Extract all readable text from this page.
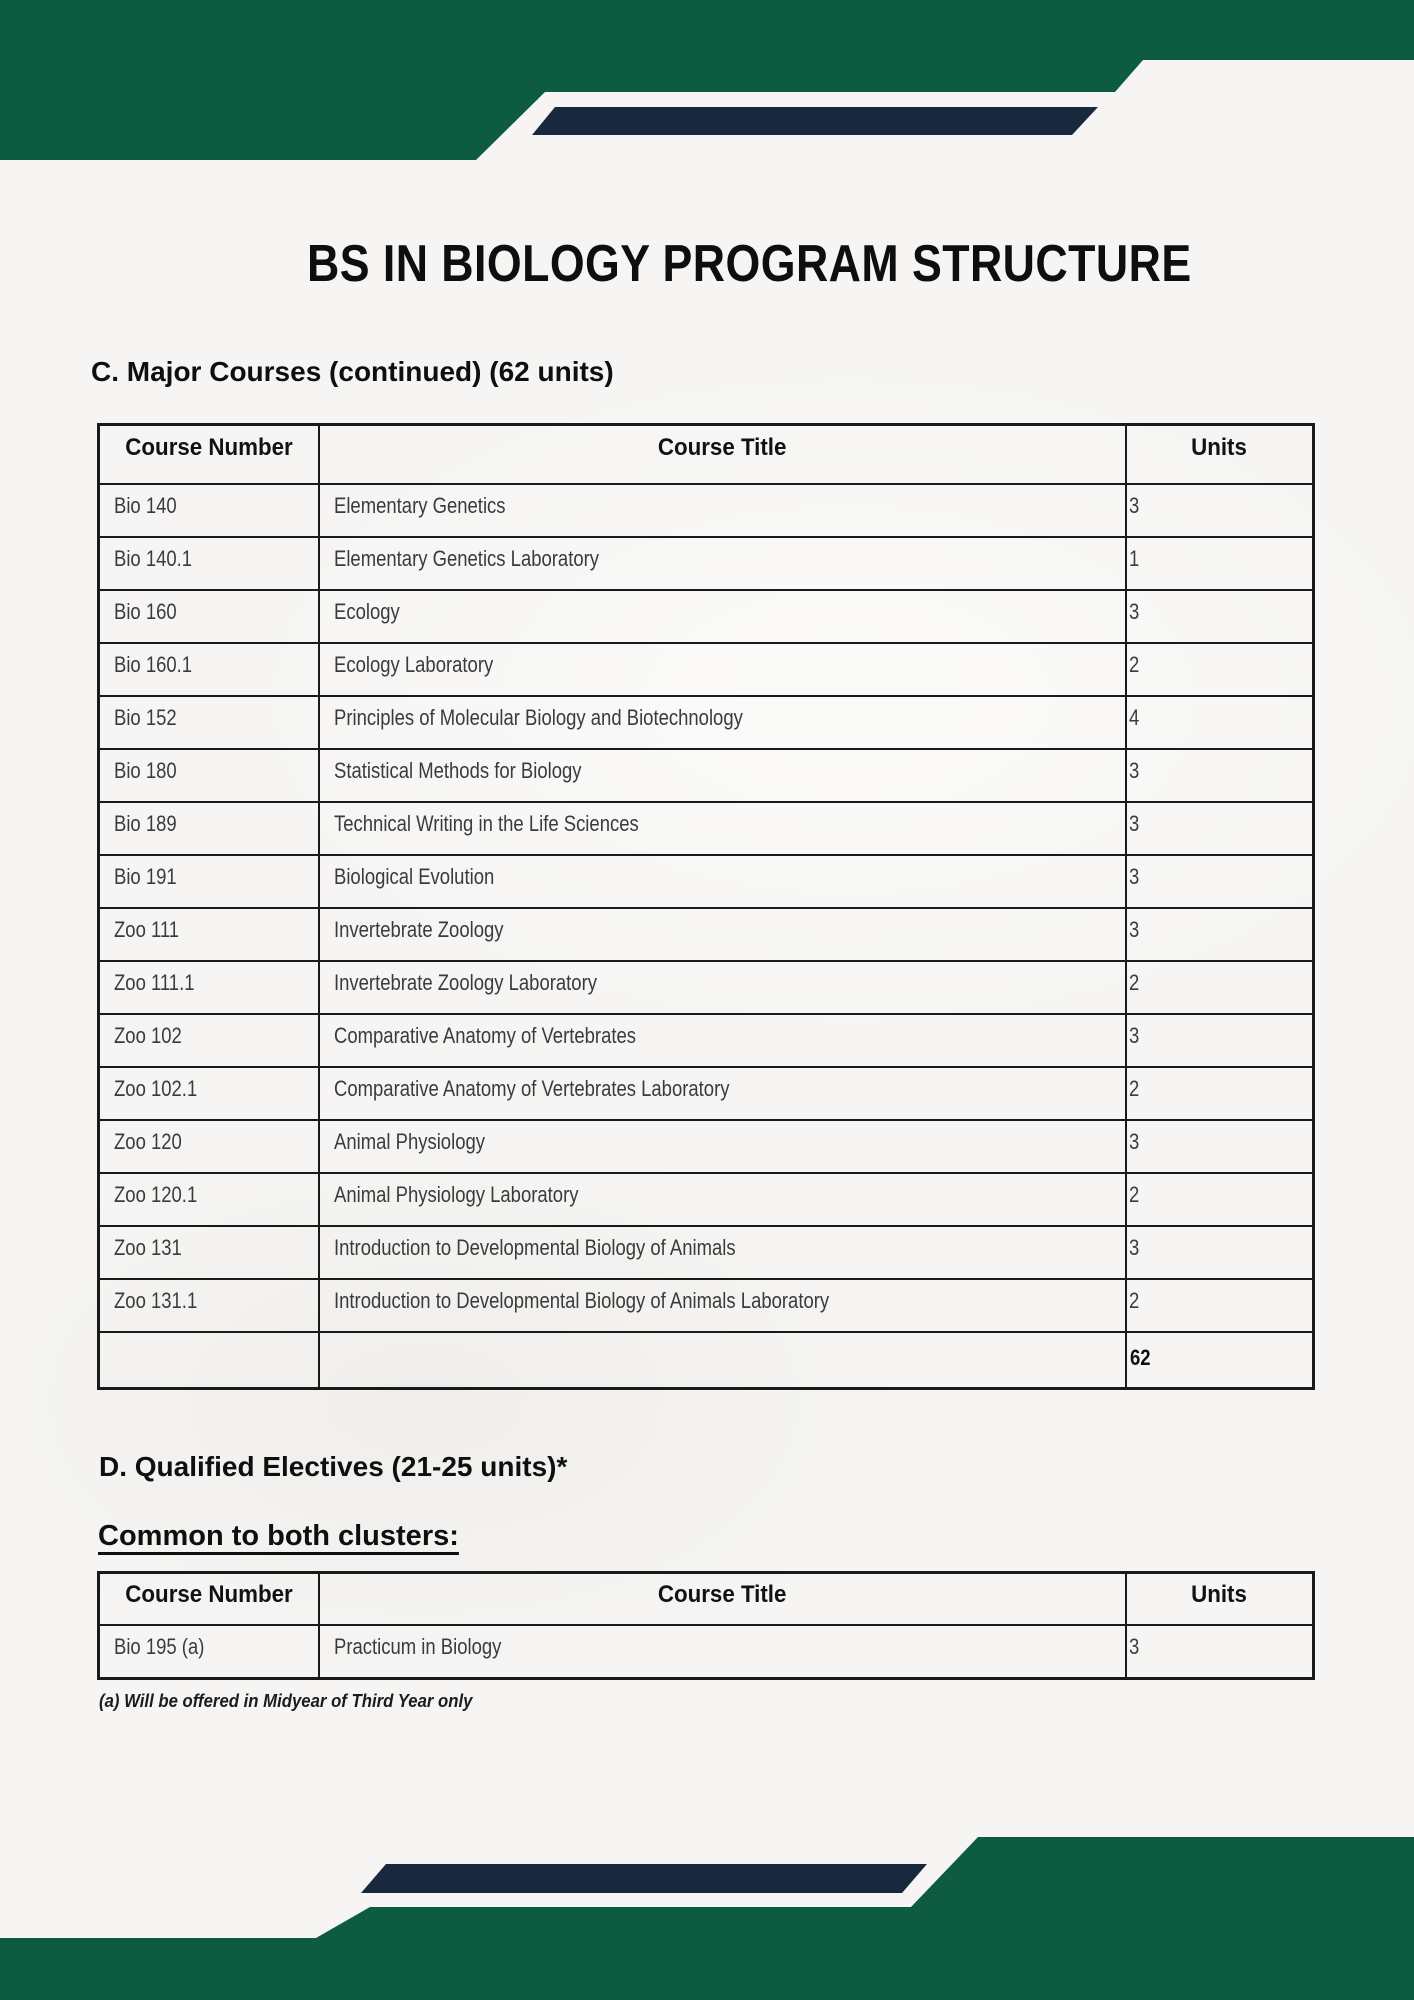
BS IN BIOLOGY PROGRAM STRUCTURE
C. Major Courses (continued) (62 units)
Course Number	Course Title	Units
Bio 140	Elementary Genetics	3
Bio 140.1	Elementary Genetics Laboratory	1
Bio 160	Ecology	3
Bio 160.1	Ecology Laboratory	2
Bio 152	Principles of Molecular Biology and Biotechnology	4
Bio 180	Statistical Methods for Biology	3
Bio 189	Technical Writing in the Life Sciences	3
Bio 191	Biological Evolution	3
Zoo 111	Invertebrate Zoology	3
Zoo 111.1	Invertebrate Zoology Laboratory	2
Zoo 102	Comparative Anatomy of Vertebrates	3
Zoo 102.1	Comparative Anatomy of Vertebrates Laboratory	2
Zoo 120	Animal Physiology	3
Zoo 120.1	Animal Physiology Laboratory	2
Zoo 131	Introduction to Developmental Biology of Animals	3
Zoo 131.1	Introduction to Developmental Biology of Animals Laboratory	2
		62
D. Qualified Electives (21-25 units)*
Common to both clusters:
Course Number	Course Title	Units
Bio 195 (a)	Practicum in Biology	3

(a) Will be offered in Midyear of Third Year only
